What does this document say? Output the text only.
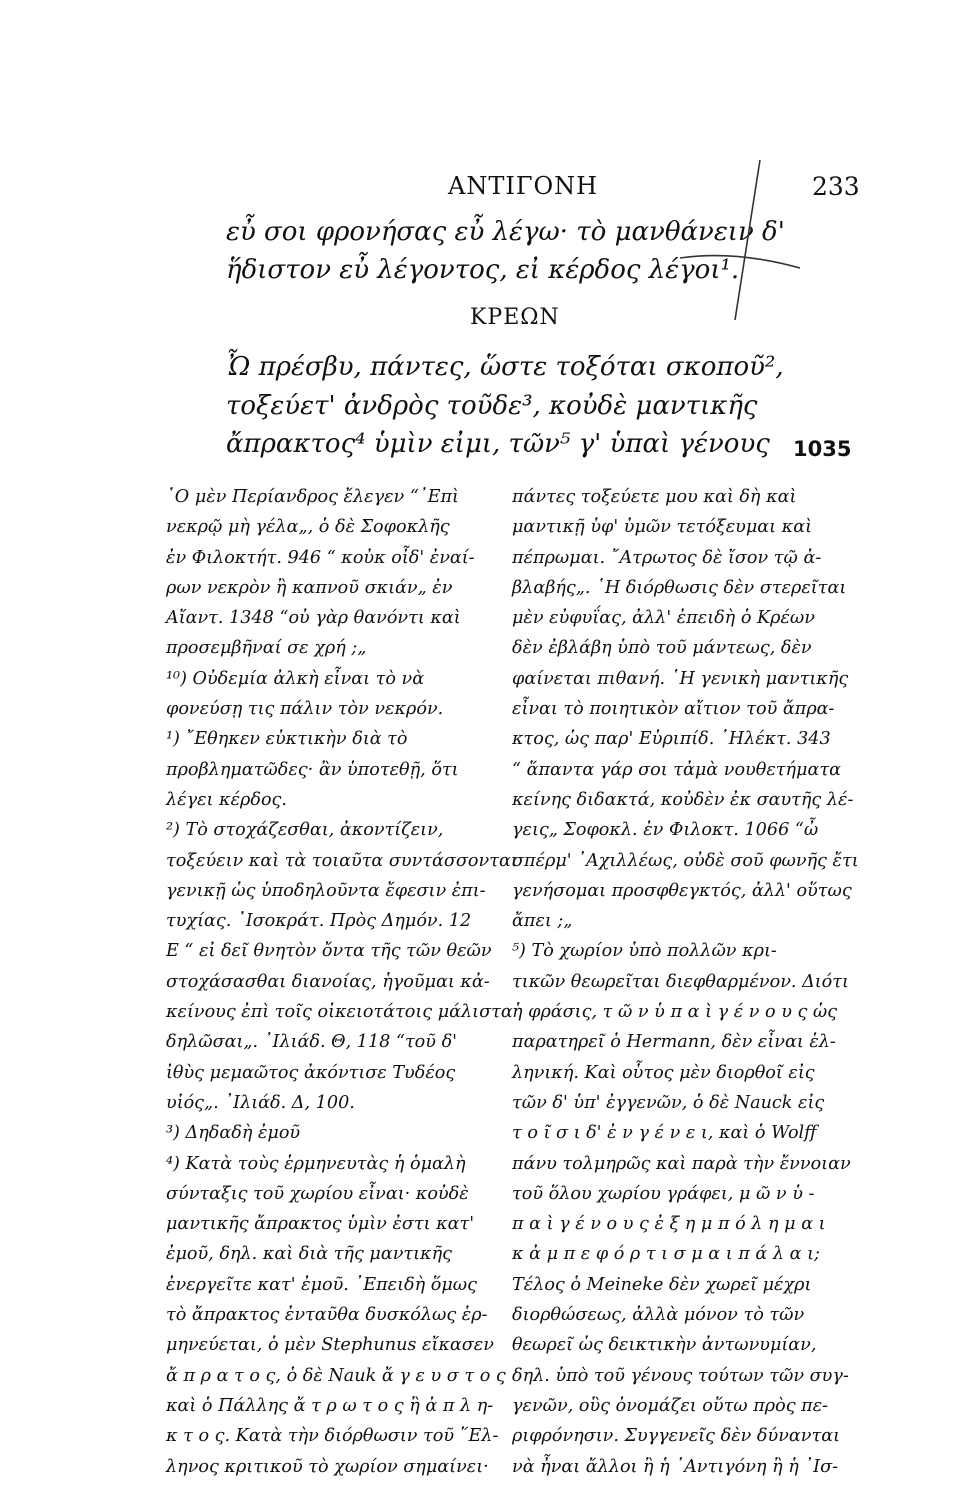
ΑΝΤΙΓΟΝΗ	233
εὖ σοι φρονήσας εὖ λέγω· τὸ μανθάνειν δ'
ἥδιστον εὖ λέγοντος, εἰ κέρδος λέγοι¹.
ΚΡΕΩΝ
Ὦ πρέσβυ, πάντες, ὥστε τοξόται σκοποῦ²,
τοξεύετ' ἀνδρὸς τοῦδε³, κοὐδὲ μαντικῆς
ἄπρακτος⁴ ὑμὶν εἰμι, τῶν⁵ γ' ὑπαὶ γένους 1035
῾Ο μὲν Περίανδρος ἔλεγεν “᾿Επὶ
νεκρῷ μὴ γέλα„, ὁ δὲ Σοφοκλῆς
ἐν Φιλοκτήτ. 946 “ κοὐκ οἶδ' ἐναί-
ρων νεκρὸν ἢ καπνοῦ σκιάν„ ἐν
Αἴαντ. 1348 “οὐ γὰρ θανόντι καὶ
προσεμβῆναί σε χρή ;„
¹⁰) Οὐδεμία ἀλκὴ εἶναι τὸ νὰ
φονεύσῃ τις πάλιν τὸν νεκρόν.
¹) ῎Εθηκεν εὐκτικὴν διὰ τὸ
προβληματῶδες· ἂν ὑποτεθῇ, ὅτι
λέγει κέρδος.
²) Τὸ στοχάζεσθαι, ἀκοντίζειν,
τοξεύειν καὶ τὰ τοιαῦτα συντάσσονται
γενικῇ ὡς ὑποδηλοῦντα ἔφεσιν ἐπι-
τυχίας. ᾿Ισοκράτ. Πρὸς Δημόν. 12
Ε “ εἰ δεῖ θνητὸν ὄντα τῆς τῶν θεῶν
στοχάσασθαι διανοίας, ἡγοῦμαι κἀ-
κείνους ἐπὶ τοῖς οἰκειοτάτοις μάλιστα
δηλῶσαι„. ᾿Ιλιάδ. Θ, 118 “τοῦ δ'
ἰθὺς μεμαῶτος ἀκόντισε Τυδέος
υἱός„. ᾿Ιλιάδ. Δ, 100.
³) Δηδαδὴ ἐμοῦ
⁴) Κατὰ τοὺς ἑρμηνευτὰς ἡ ὁμαλὴ
σύνταξις τοῦ χωρίου εἶναι· κοὐδὲ
μαντικῆς ἄπρακτος ὑμὶν ἐστι κατ'
ἐμοῦ, δηλ. καὶ διὰ τῆς μαντικῆς
ἐνεργεῖτε κατ' ἐμοῦ. ᾿Επειδὴ ὅμως
τὸ ἄπρακτος ἐνταῦθα δυσκόλως ἑρ-
μηνεύεται, ὁ μὲν Stephunus εἴκασεν
ἄ π ρ α τ ο ς, ὁ δὲ Nauk ἄ γ ε υ σ τ ο ς
καὶ ὁ Πάλλης ἄ τ ρ ω τ ο ς ἢ ἀ π λ η-
κ τ ο ς. Κατὰ τὴν διόρθωσιν τοῦ ῞Ελ-
ληνος κριτικοῦ τὸ χωρίον σημαίνει·
πάντες τοξεύετε μου καὶ δὴ καὶ
μαντικῇ ὑφ' ὑμῶν τετόξευμαι καὶ
πέπρωμαι. ῎Ατρωτος δὲ ἴσον τῷ ἀ-
βλαβής„. ῾Η διόρθωσις δὲν στερεῖται
μὲν εὐφυΐας, ἀλλ' ἐπειδὴ ὁ Κρέων
δὲν ἐβλάβη ὑπὸ τοῦ μάντεως, δὲν
φαίνεται πιθανή. ῾Η γενικὴ μαντικῆς
εἶναι τὸ ποιητικὸν αἴτιον τοῦ ἄπρα-
κτος, ὡς παρ' Εὐριπίδ. ᾿Ηλέκτ. 343
“ ἅπαντα γάρ σοι τἀμὰ νουθετήματα
κείνης διδακτά, κοὐδὲν ἐκ σαυτῆς λέ-
γεις„ Σοφοκλ. ἐν Φιλοκτ. 1066 “ὦ
σπέρμ' ᾿Αχιλλέως, οὐδὲ σοῦ φωνῆς ἔτι
γενήσομαι προσφθεγκτός, ἀλλ' οὕτως
ἄπει ;„
⁵) Τὸ χωρίον ὑπὸ πολλῶν κρι-
τικῶν θεωρεῖται διεφθαρμένον. Διότι
ἡ φράσις, τ ῶ ν ὑ π α ὶ γ έ ν ο υ ς ὡς
παρατηρεῖ ὁ Hermann, δὲν εἶναι ἑλ-
ληνική. Καὶ οὗτος μὲν διορθοῖ εἰς
τῶν δ' ὑπ' ἐγγενῶν, ὁ δὲ Nauck εἰς
τ ο ῖ σ ι δ' ἐ ν γ έ ν ε ι, καὶ ὁ Wolff
πάνυ τολμηρῶς καὶ παρὰ τὴν ἔννοιαν
τοῦ ὅλου χωρίου γράφει, μ ῶ ν ὑ -
π α ὶ γ έ ν ο υ ς ἐ ξ η μ π ό λ η μ α ι
κ ἀ μ π ε φ ό ρ τ ι σ μ α ι π ά λ α ι;
Τέλος ὁ Meineke δὲν χωρεῖ μέχρι
διορθώσεως, ἀλλὰ μόνον τὸ τῶν
θεωρεῖ ὡς δεικτικὴν ἀντωνυμίαν,
δηλ. ὑπὸ τοῦ γένους τούτων τῶν συγ-
γενῶν, οὓς ὀνομάζει οὕτω πρὸς πε-
ριφρόνησιν. Συγγενεῖς δὲν δύνανται
νὰ ἦναι ἄλλοι ἢ ἡ ᾿Αντιγόνη ἢ ἡ ᾿Ισ-
